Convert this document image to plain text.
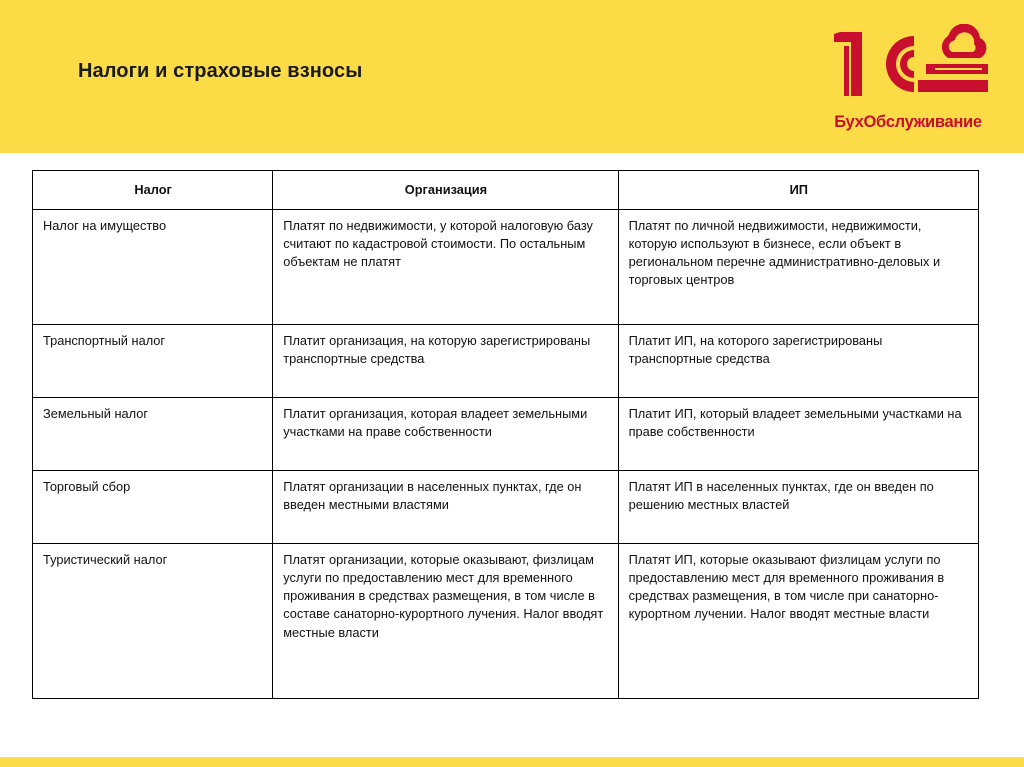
Налоги и страховые взносы
БухОбслуживание
Налог	Организация	ИП
Налог на имущество	Платят по недвижимости, у которой налоговую базу считают по кадастровой стоимости. По остальным объектам не платят	Платят по личной недвижимости, недвижимости, которую используют в бизнесе, если объект в региональном перечне административно-деловых и торговых центров
Транспортный налог	Платит организация, на которую зарегистрированы транспортные средства	Платит ИП, на которого зарегистрированы транспортные средства
Земельный налог	Платит организация, которая владеет земельными участками на праве собственности	Платит ИП, который владеет земельными участками на праве собственности
Торговый сбор	Платят организации в населенных пунктах, где он введен местными властями	Платят ИП в населенных пунктах, где он введен по решению местных властей
Туристический налог	Платят организации, которые оказывают, физлицам услуги по предоставлению мест для временного проживания в средствах размещения, в том числе в составе санаторно-курортного лучения. Налог вводят местные власти	Платят ИП, которые оказывают физлицам услуги по предоставлению мест для временного проживания в средствах размещения, в том числе при санаторно-курортном лучении. Налог вводят местные власти
